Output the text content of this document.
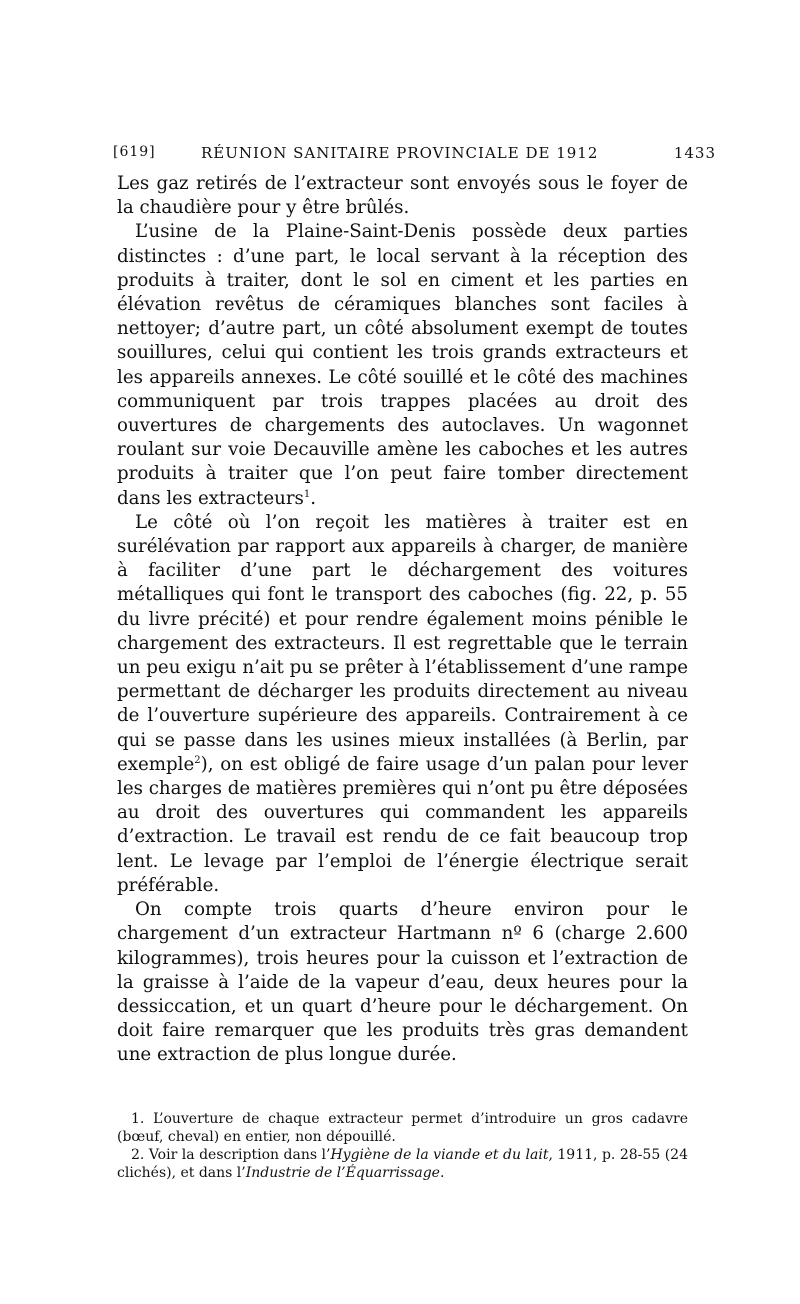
[619]	RÉUNION SANITAIRE PROVINCIALE DE 1912	1433

Les gaz retirés de l’extracteur sont envoyés sous le foyer de la chaudière pour y être brûlés.

L’usine de la Plaine-Saint-Denis possède deux parties distinctes : d’une part, le local servant à la réception des produits à traiter, dont le sol en ciment et les parties en élévation revêtus de céramiques blanches sont faciles à nettoyer; d’autre part, un côté absolument exempt de toutes souillures, celui qui contient les trois grands extracteurs et les appareils annexes. Le côté souillé et le côté des machines communiquent par trois trappes placées au droit des ouvertures de chargements des autoclaves. Un wagonnet roulant sur voie Decauville amène les caboches et les autres produits à traiter que l’on peut faire tomber directement dans les extracteurs$^1$.

Le côté où l’on reçoit les matières à traiter est en surélévation par rapport aux appareils à charger, de manière à faciliter d’une part le déchargement des voitures métalliques qui font le transport des caboches (fig. 22, p. 55 du livre précité) et pour rendre également moins pénible le chargement des extracteurs. Il est regrettable que le terrain un peu exigu n’ait pu se prêter à l’établissement d’une rampe permettant de décharger les produits directement au niveau de l’ouverture supérieure des appareils. Contrairement à ce qui se passe dans les usines mieux installées (à Berlin, par exemple$^2$), on est obligé de faire usage d’un palan pour lever les charges de matières premières qui n’ont pu être déposées au droit des ouvertures qui commandent les appareils d’extraction. Le travail est rendu de ce fait beaucoup trop lent. Le levage par l’emploi de l’énergie électrique serait préférable.

On compte trois quarts d’heure environ pour le chargement d’un extracteur Hartmann nº 6 (charge 2.600 kilogrammes), trois heures pour la cuisson et l’extraction de la graisse à l’aide de la vapeur d’eau, deux heures pour la dessiccation, et un quart d’heure pour le déchargement. On doit faire remarquer que les produits très gras demandent une extraction de plus longue durée.

1. L’ouverture de chaque extracteur permet d’introduire un gros cadavre (bœuf, cheval) en entier, non dépouillé.

2. Voir la description dans l’Hygiène de la viande et du lait, 1911, p. 28-55 (24 clichés), et dans l’Industrie de l’Équarrissage.
